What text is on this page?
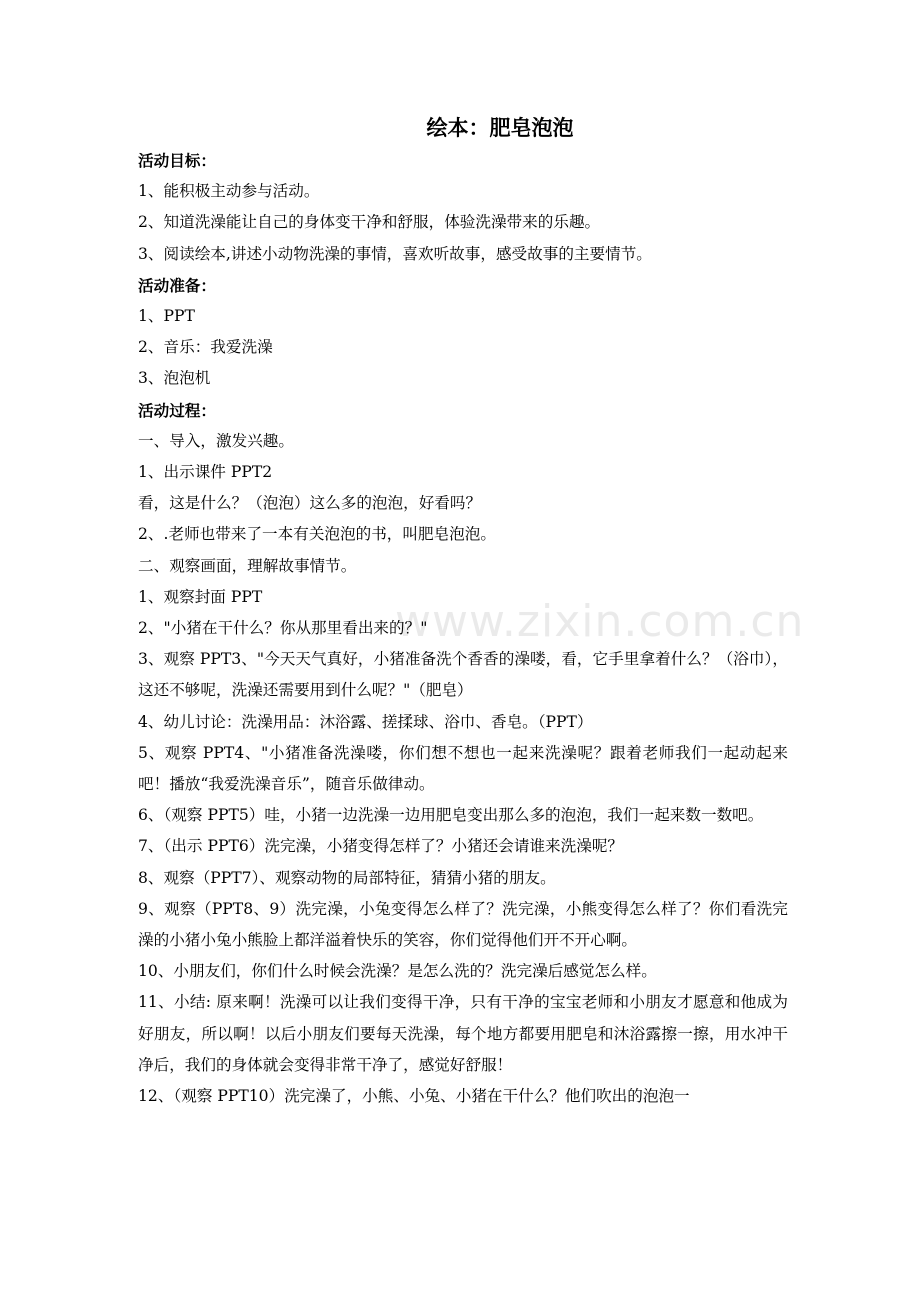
www.zixin.com.cn
绘本：肥皂泡泡

活动目标：

1、能积极主动参与活动。

2、知道洗澡能让自己的身体变干净和舒服，体验洗澡带来的乐趣。

3、阅读绘本,讲述小动物洗澡的事情，喜欢听故事，感受故事的主要情节。

活动准备：

1、PPT

2、音乐：我爱洗澡

3、泡泡机

活动过程：

一、导入，激发兴趣。

1、出示课件 PPT2

看，这是什么？（泡泡）这么多的泡泡，好看吗？

2、.老师也带来了一本有关泡泡的书，叫肥皂泡泡。

二、观察画面，理解故事情节。

1、观察封面 PPT

2、"小猪在干什么？你从那里看出来的？"

3、观察 PPT3、"今天天气真好，小猪准备洗个香香的澡喽，看，它手里拿着什么？（浴巾），这还不够呢，洗澡还需要用到什么呢？"（肥皂）

4、幼儿讨论：洗澡用品：沐浴露、搓揉球、浴巾、香皂。（PPT）

5、观察 PPT4、"小猪准备洗澡喽，你们想不想也一起来洗澡呢？跟着老师我们一起动起来吧！播放“我爱洗澡音乐”，随音乐做律动。

6、（观察 PPT5）哇，小猪一边洗澡一边用肥皂变出那么多的泡泡，我们一起来数一数吧。

7、（出示 PPT6）洗完澡，小猪变得怎样了？小猪还会请谁来洗澡呢？

8、观察（PPT7）、观察动物的局部特征，猜猜小猪的朋友。

9、观察（PPT8、9）洗完澡，小兔变得怎么样了？洗完澡，小熊变得怎么样了？你们看洗完澡的小猪小兔小熊脸上都洋溢着快乐的笑容，你们觉得他们开不开心啊。

10、小朋友们，你们什么时候会洗澡？是怎么洗的？洗完澡后感觉怎么样。

11、小结: 原来啊！洗澡可以让我们变得干净，只有干净的宝宝老师和小朋友才愿意和他成为好朋友，所以啊！以后小朋友们要每天洗澡，每个地方都要用肥皂和沐浴露擦一擦，用水冲干净后，我们的身体就会变得非常干净了，感觉好舒服！

12、（观察 PPT10）洗完澡了，小熊、小兔、小猪在干什么？他们吹出的泡泡一
